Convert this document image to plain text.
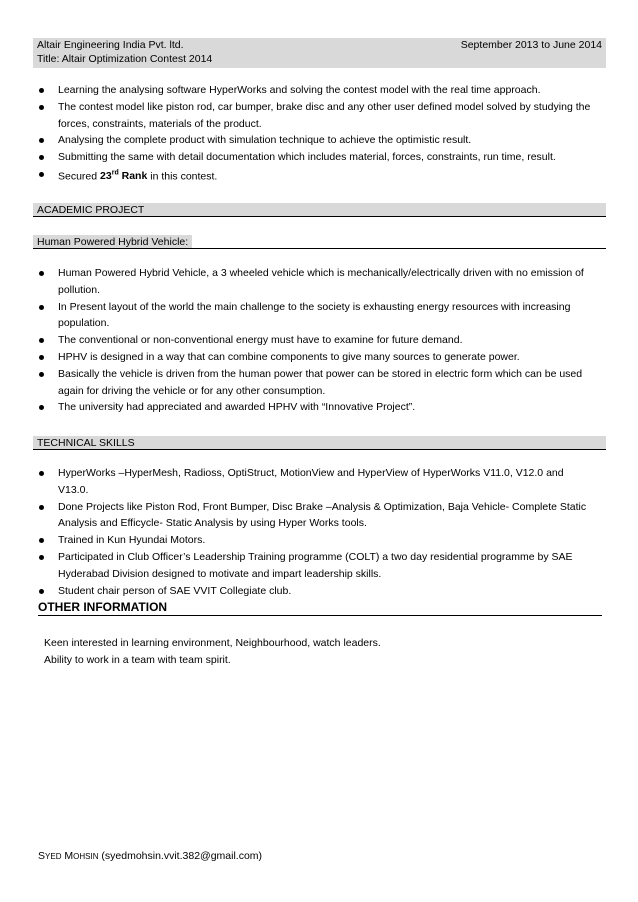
Altair Engineering India Pvt. ltd.
Title: Altair Optimization Contest 2014
September 2013 to June 2014
Learning the analysing software HyperWorks and solving the contest model with the real time approach.
The contest model like piston rod, car bumper, brake disc and any other user defined model solved by studying the forces, constraints, materials of the product.
Analysing the complete product with simulation technique to achieve the optimistic result.
Submitting the same with detail documentation which includes material, forces, constraints, run time, result.
Secured 23rd Rank in this contest.
ACADEMIC PROJECT
Human Powered Hybrid Vehicle:
Human Powered Hybrid Vehicle, a 3 wheeled vehicle which is mechanically/electrically driven with no emission of pollution.
In Present layout of the world the main challenge to the society is exhausting energy resources with increasing population.
The conventional or non-conventional energy must have to examine for future demand.
HPHV is designed in a way that can combine components to give many sources to generate power.
Basically the vehicle is driven from the human power that power can be stored in electric form which can be used again for driving the vehicle or for any other consumption.
The university had appreciated and awarded HPHV with “Innovative Project”.
TECHNICAL SKILLS
HyperWorks –HyperMesh, Radioss, OptiStruct, MotionView and HyperView of HyperWorks V11.0, V12.0 and V13.0.
Done Projects like Piston Rod, Front Bumper, Disc Brake –Analysis & Optimization, Baja Vehicle- Complete Static Analysis and Efficycle- Static Analysis by using Hyper Works tools.
Trained in Kun Hyundai Motors.
Participated in Club Officer’s Leadership Training programme (COLT) a two day residential programme by SAE Hyderabad Division designed to motivate and impart leadership skills.
Student chair person of SAE VVIT Collegiate club.
OTHER INFORMATION
Keen interested in learning environment, Neighbourhood, watch leaders.
Ability to work in a team with team spirit.
SYED MOHSIN (syedmohsin.vvit.382@gmail.com)
